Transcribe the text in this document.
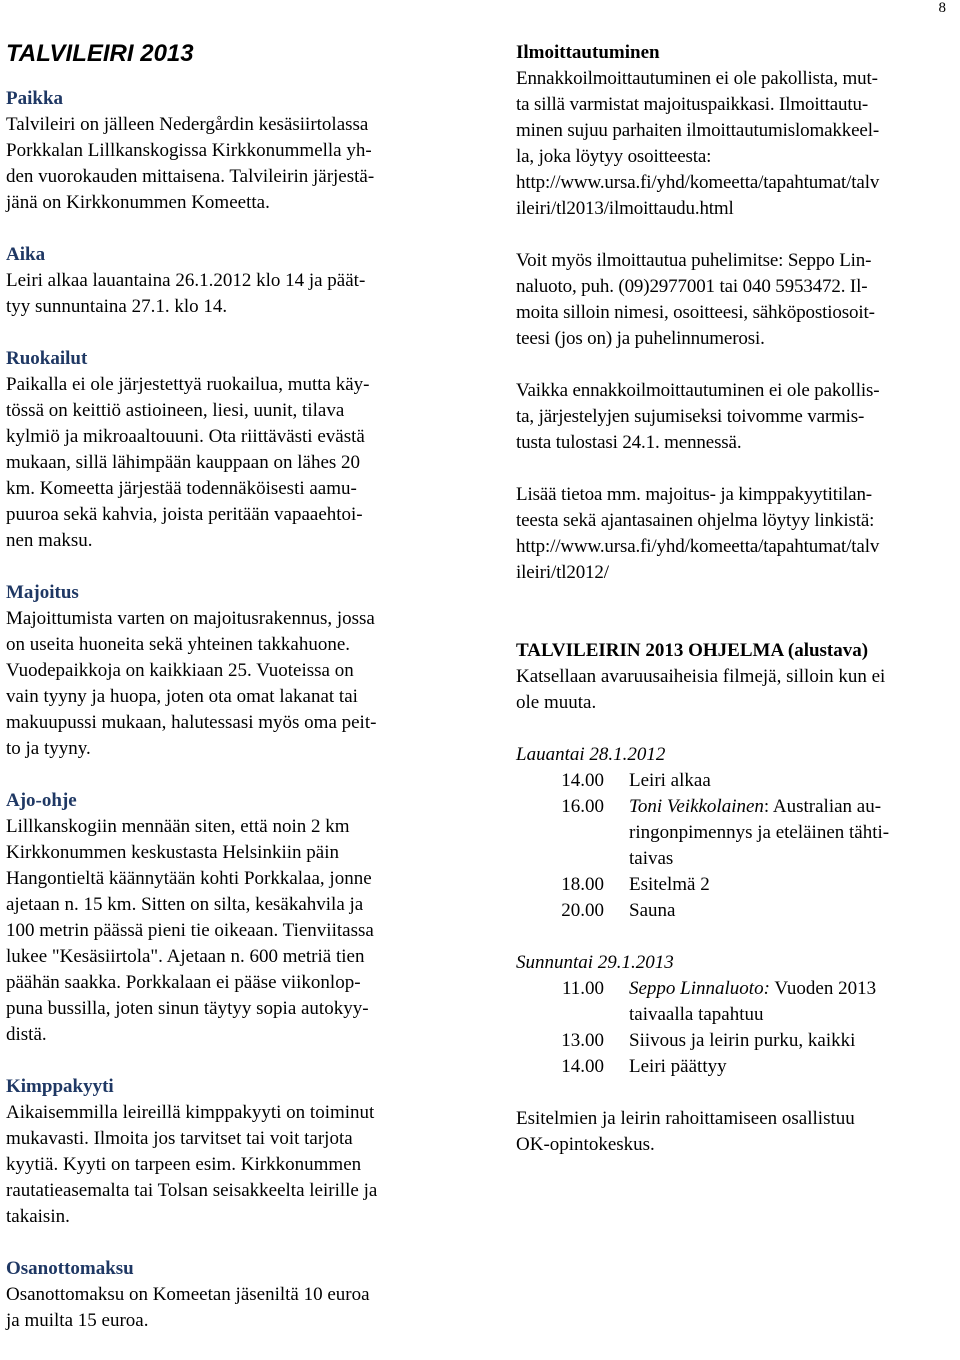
8
TALVILEIRI 2013

Paikka

Talvileiri on jälleen Nedergårdin kesäsiirtolassa
Porkkalan Lillkanskogissa Kirkkonummella yh-
den vuorokauden mittaisena. Talvileirin järjestä-
jänä on Kirkkonummen Komeetta.

Aika

Leiri alkaa lauantaina 26.1.2012 klo 14 ja päät-
tyy sunnuntaina 27.1. klo 14.

Ruokailut

Paikalla ei ole järjestettyä ruokailua, mutta käy-
tössä on keittiö astioineen, liesi, uunit, tilava
kylmiö ja mikroaaltouuni. Ota riittävästi evästä
mukaan, sillä lähimpään kauppaan on lähes 20
km. Komeetta järjestää todennäköisesti aamu-
puuroa sekä kahvia, joista peritään vapaaehtoi-
nen maksu.

Majoitus

Majoittumista varten on majoitusrakennus, jossa
on useita huoneita sekä yhteinen takkahuone.
Vuodepaikkoja on kaikkiaan 25. Vuoteissa on
vain tyyny ja huopa, joten ota omat lakanat tai
makuupussi mukaan, halutessasi myös oma peit-
to ja tyyny.

Ajo-ohje

Lillkanskogiin mennään siten, että noin 2 km
Kirkkonummen keskustasta Helsinkiin päin
Hangontieltä käännytään kohti Porkkalaa, jonne
ajetaan n. 15 km. Sitten on silta, kesäkahvila ja
100 metrin päässä pieni tie oikeaan. Tienviitassa
lukee "Kesäsiirtola". Ajetaan n. 600 metriä tien
päähän saakka. Porkkalaan ei pääse viikonlop-
puna bussilla, joten sinun täytyy sopia autokyy-
distä.

Kimppakyyti

Aikaisemmilla leireillä kimppakyyti on toiminut
mukavasti. Ilmoita jos tarvitset tai voit tarjota
kyytiä. Kyyti on tarpeen esim. Kirkkonummen
rautatieasemalta tai Tolsan seisakkeelta leirille ja
takaisin.

Osanottomaksu

Osanottomaksu on Komeetan jäseniltä 10 euroa
ja muilta 15 euroa.

Ilmoittautuminen

Ennakkoilmoittautuminen ei ole pakollista, mut-
ta sillä varmistat majoituspaikkasi. Ilmoittautu-
minen sujuu parhaiten ilmoittautumislomakkeel-
la, joka löytyy osoitteesta:
http://www.ursa.fi/yhd/komeetta/tapahtumat/talv
ileiri/tl2013/ilmoittaudu.html

Voit myös ilmoittautua puhelimitse: Seppo Lin-
naluoto, puh. (09)2977001 tai 040 5953472. Il-
moita silloin nimesi, osoitteesi, sähköpostiosoit-
teesi (jos on) ja puhelinnumerosi.

Vaikka ennakkoilmoittautuminen ei ole pakollis-
ta, järjestelyjen sujumiseksi toivomme varmis-
tusta tulostasi 24.1. mennessä.

Lisää tietoa mm. majoitus- ja kimppakyytitilan-
teesta sekä ajantasainen ohjelma löytyy linkistä:
http://www.ursa.fi/yhd/komeetta/tapahtumat/talv
ileiri/tl2012/

TALVILEIRIN 2013 OHJELMA (alustava)

Katsellaan avaruusaiheisia filmejä, silloin kun ei
ole muuta.

Lauantai 28.1.2012

14.00	Leiri alkaa
16.00	Toni Veikkolainen: Australian au-
ringonpimennys ja eteläinen tähti-
taivas
18.00	Esitelmä 2
20.00	Sauna

Sunnuntai 29.1.2013

11.00	Seppo Linnaluoto: Vuoden 2013
taivaalla tapahtuu
13.00	Siivous ja leirin purku, kaikki
14.00	Leiri päättyy

Esitelmien ja leirin rahoittamiseen osallistuu
OK-opintokeskus.
